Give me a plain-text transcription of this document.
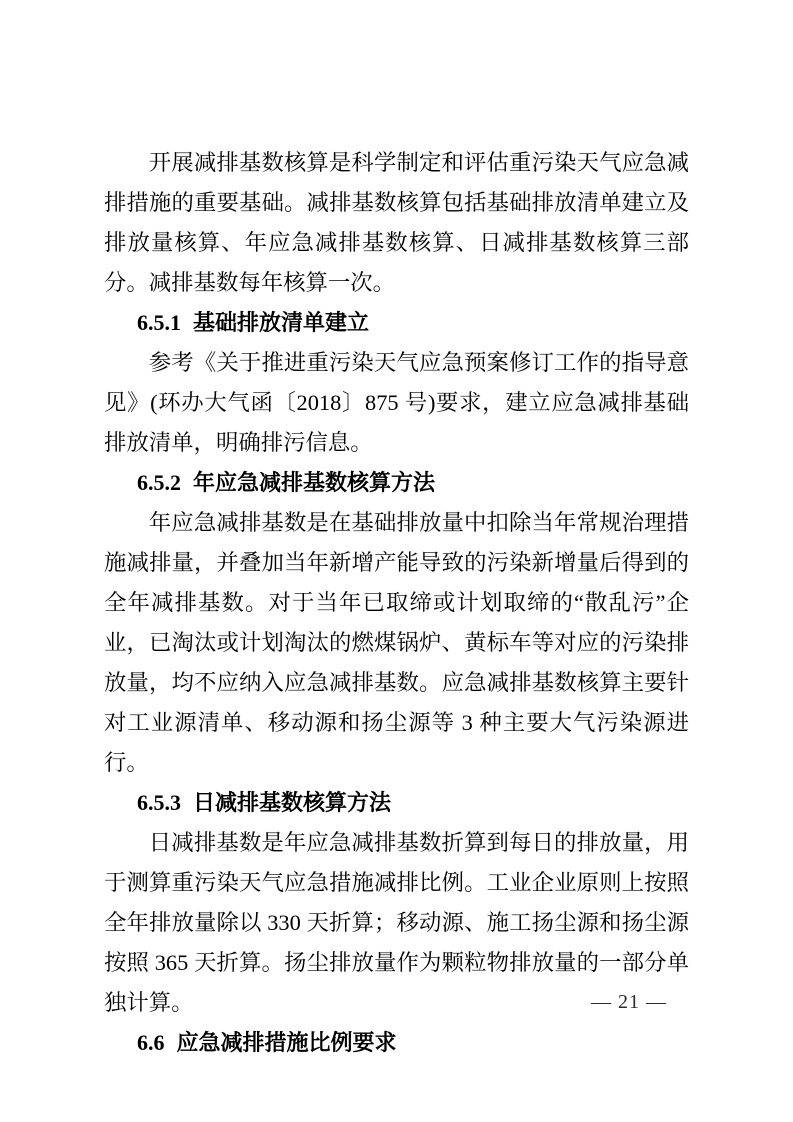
开展减排基数核算是科学制定和评估重污染天气应急减排措施的重要基础。减排基数核算包括基础排放清单建立及排放量核算、年应急减排基数核算、日减排基数核算三部分。减排基数每年核算一次。

6.5.1 基础排放清单建立

参考《关于推进重污染天气应急预案修订工作的指导意见》(环办大气函〔2018〕875 号)要求，建立应急减排基础排放清单，明确排污信息。

6.5.2 年应急减排基数核算方法

年应急减排基数是在基础排放量中扣除当年常规治理措施减排量，并叠加当年新增产能导致的污染新增量后得到的全年减排基数。对于当年已取缔或计划取缔的“散乱污”企业，已淘汰或计划淘汰的燃煤锅炉、黄标车等对应的污染排放量，均不应纳入应急减排基数。应急减排基数核算主要针对工业源清单、移动源和扬尘源等 3 种主要大气污染源进行。

6.5.3 日减排基数核算方法

日减排基数是年应急减排基数折算到每日的排放量，用于测算重污染天气应急措施减排比例。工业企业原则上按照全年排放量除以 330 天折算；移动源、施工扬尘源和扬尘源按照 365 天折算。扬尘排放量作为颗粒物排放量的一部分单独计算。

6.6 应急减排措施比例要求
— 21 —
